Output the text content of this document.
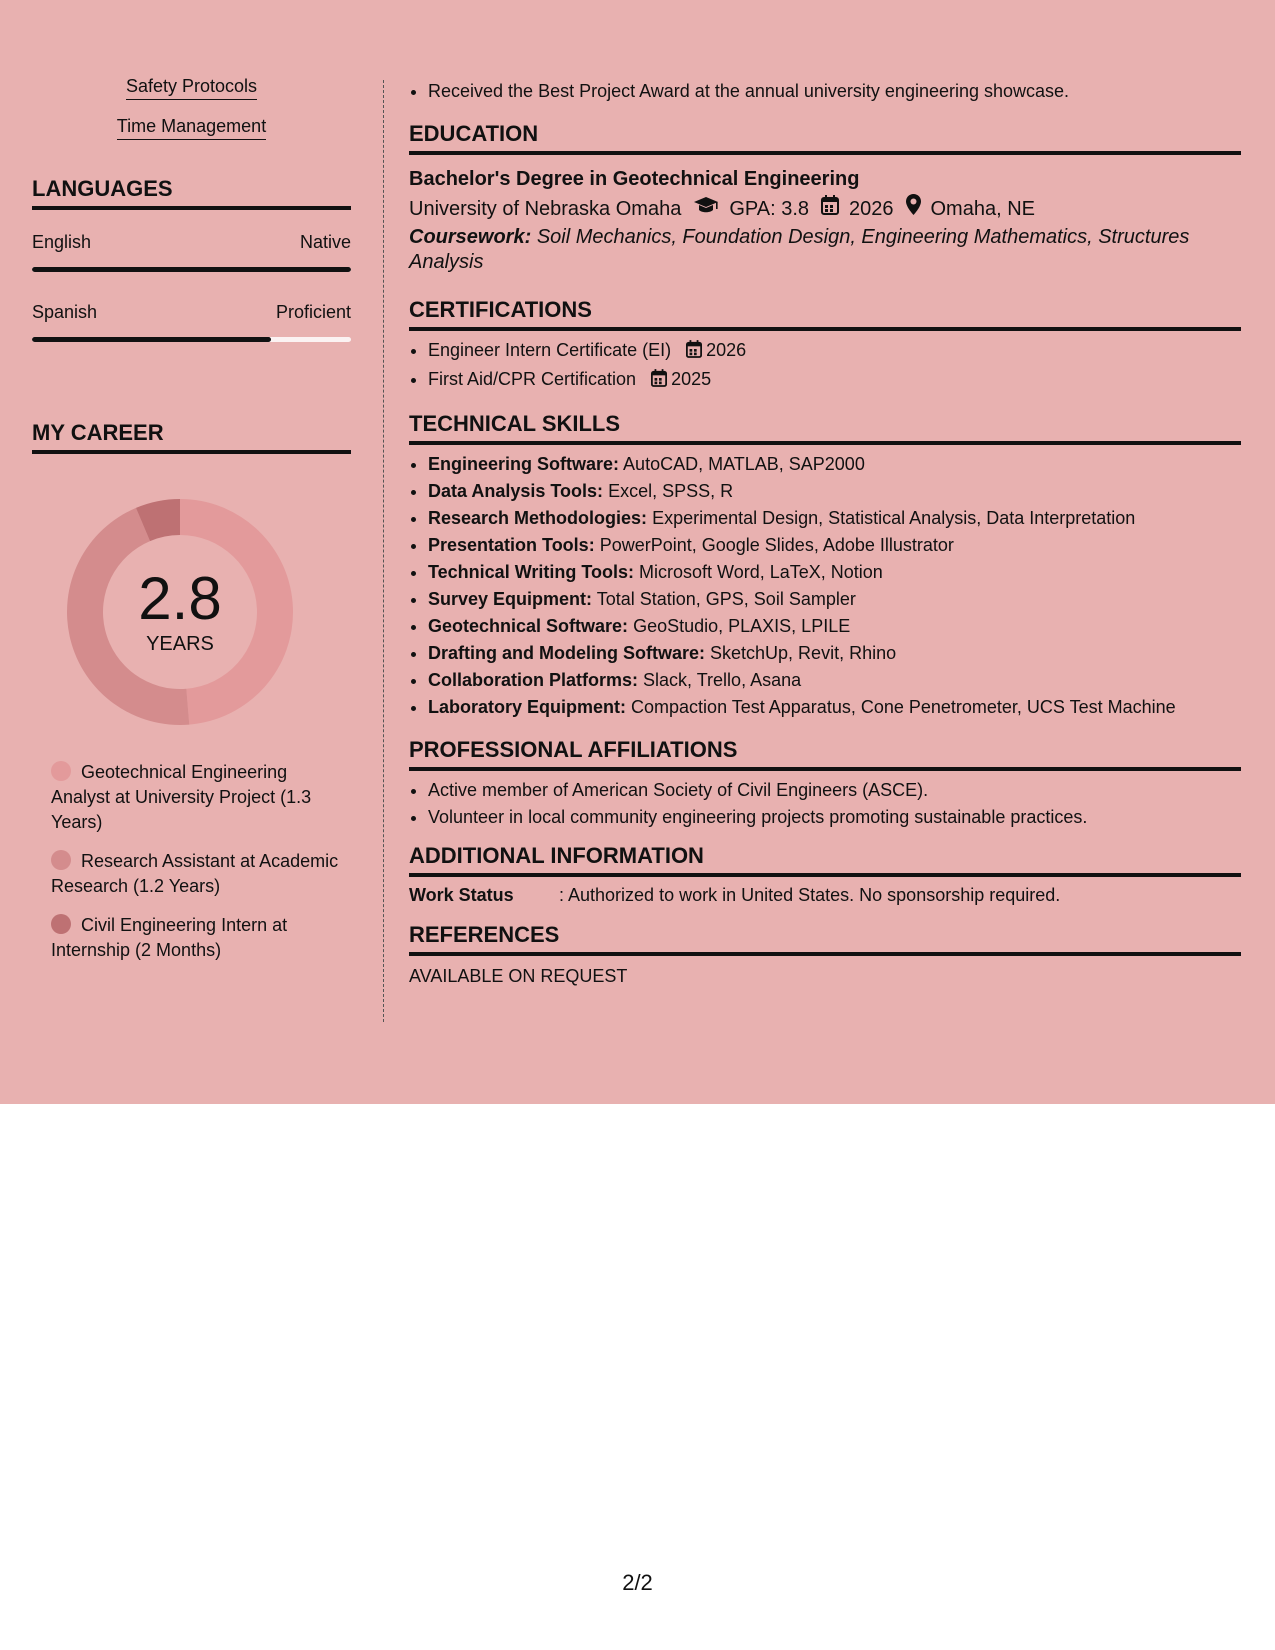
Safety Protocols
Time Management
LANGUAGES
English	Native
Spanish	Proficient
MY CAREER
2.8
YEARS
Geotechnical Engineering Analyst at University Project (1.3 Years)
Research Assistant at Academic Research (1.2 Years)
Civil Engineering Intern at Internship (2 Months)
• Received the Best Project Award at the annual university engineering showcase.
EDUCATION
Bachelor's Degree in Geotechnical Engineering
University of Nebraska Omaha GPA: 3.8 2026 Omaha, NE
Coursework: Soil Mechanics, Foundation Design, Engineering Mathematics, Structures Analysis
CERTIFICATIONS
• Engineer Intern Certificate (EI) 2026
• First Aid/CPR Certification 2025
TECHNICAL SKILLS
• Engineering Software: AutoCAD, MATLAB, SAP2000
• Data Analysis Tools: Excel, SPSS, R
• Research Methodologies: Experimental Design, Statistical Analysis, Data Interpretation
• Presentation Tools: PowerPoint, Google Slides, Adobe Illustrator
• Technical Writing Tools: Microsoft Word, LaTeX, Notion
• Survey Equipment: Total Station, GPS, Soil Sampler
• Geotechnical Software: GeoStudio, PLAXIS, LPILE
• Drafting and Modeling Software: SketchUp, Revit, Rhino
• Collaboration Platforms: Slack, Trello, Asana
• Laboratory Equipment: Compaction Test Apparatus, Cone Penetrometer, UCS Test Machine
PROFESSIONAL AFFILIATIONS
• Active member of American Society of Civil Engineers (ASCE).
• Volunteer in local community engineering projects promoting sustainable practices.
ADDITIONAL INFORMATION
Work Status	: Authorized to work in United States. No sponsorship required.
REFERENCES
AVAILABLE ON REQUEST
2/2
